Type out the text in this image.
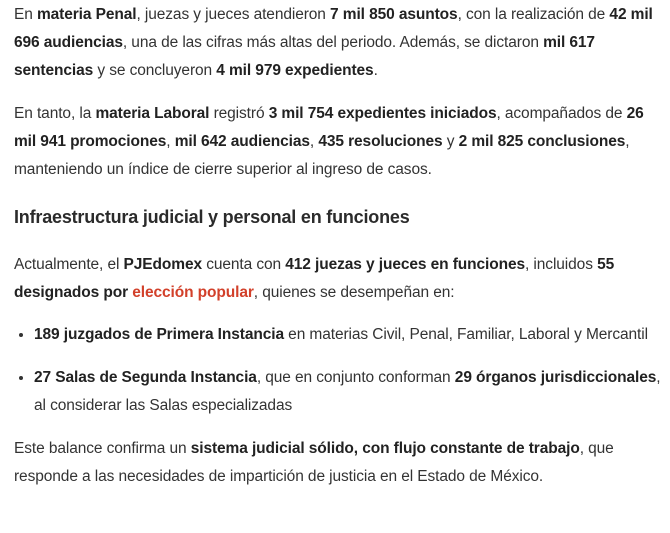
En materia Penal, juezas y jueces atendieron 7 mil 850 asuntos, con la realización de 42 mil 696 audiencias, una de las cifras más altas del periodo. Además, se dictaron mil 617 sentencias y se concluyeron 4 mil 979 expedientes.

En tanto, la materia Laboral registró 3 mil 754 expedientes iniciados, acompañados de 26 mil 941 promociones, mil 642 audiencias, 435 resoluciones y 2 mil 825 conclusiones, manteniendo un índice de cierre superior al ingreso de casos.

Infraestructura judicial y personal en funciones

Actualmente, el PJEdomex cuenta con 412 juezas y jueces en funciones, incluidos 55 designados por elección popular, quienes se desempeñan en:

• 189 juzgados de Primera Instancia en materias Civil, Penal, Familiar, Laboral y Mercantil
• 27 Salas de Segunda Instancia, que en conjunto conforman 29 órganos jurisdiccionales, al considerar las Salas especializadas

Este balance confirma un sistema judicial sólido, con flujo constante de trabajo, que responde a las necesidades de impartición de justicia en el Estado de México.
